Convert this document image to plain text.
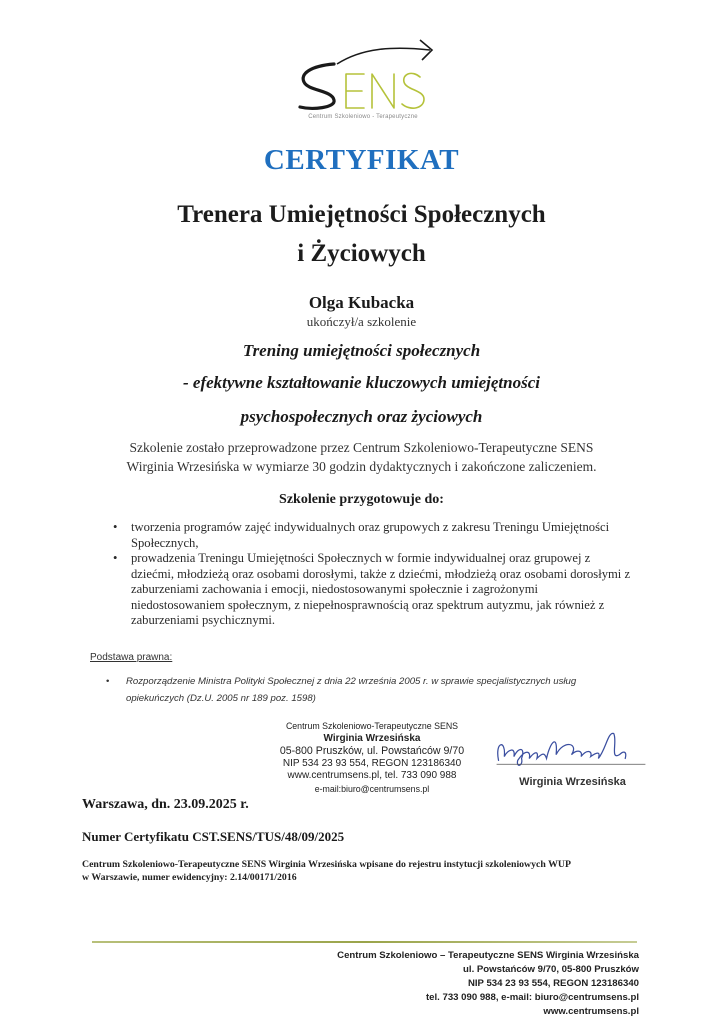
Centrum Szkoleniowo - Terapeutyczne
CERTYFIKAT
Trenera Umiejętności Społecznych
i Życiowych
Olga Kubacka
ukończył/a szkolenie
Trening umiejętności społecznych
- efektywne kształtowanie kluczowych umiejętności
psychospołecznych oraz życiowych
Szkolenie zostało przeprowadzone przez Centrum Szkoleniowo-Terapeutyczne SENS
Wirginia Wrzesińska w wymiarze 30 godzin dydaktycznych i zakończone zaliczeniem.
Szkolenie przygotowuje do:
• tworzenia programów zajęć indywidualnych oraz grupowych z zakresu Treningu Umiejętności Społecznych,
• prowadzenia Treningu Umiejętności Społecznych w formie indywidualnej oraz grupowej z dziećmi, młodzieżą oraz osobami dorosłymi, także z dziećmi, młodzieżą oraz osobami dorosłymi z zaburzeniami zachowania i emocji, niedostosowanymi społecznie i zagrożonymi niedostosowaniem społecznym, z niepełnosprawnością oraz spektrum autyzmu, jak również z zaburzeniami psychicznymi.
Podstawa prawna:
•	Rozporządzenie Ministra Polityki Społecznej z dnia 22 września 2005 r. w sprawie specjalistycznych usług
opiekuńczych (Dz.U. 2005 nr 189 poz. 1598)
Centrum Szkoleniowo-Terapeutyczne SENS
Wirginia Wrzesińska
05-800 Pruszków, ul. Powstańców 9/70
NIP 534 23 93 554, REGON 123186340
www.centrumsens.pl, tel. 733 090 988
e-mail:biuro@centrumsens.pl
Wirginia Wrzesińska
Warszawa, dn. 23.09.2025 r.
Numer Certyfikatu CST.SENS/TUS/48/09/2025
Centrum Szkoleniowo-Terapeutyczne SENS Wirginia Wrzesińska wpisane do rejestru instytucji szkoleniowych WUP
w Warszawie, numer ewidencyjny: 2.14/00171/2016
Centrum Szkoleniowo – Terapeutyczne SENS Wirginia Wrzesińska
ul. Powstańców 9/70, 05-800 Pruszków
NIP 534 23 93 554, REGON 123186340
tel. 733 090 988, e-mail: biuro@centrumsens.pl
www.centrumsens.pl
